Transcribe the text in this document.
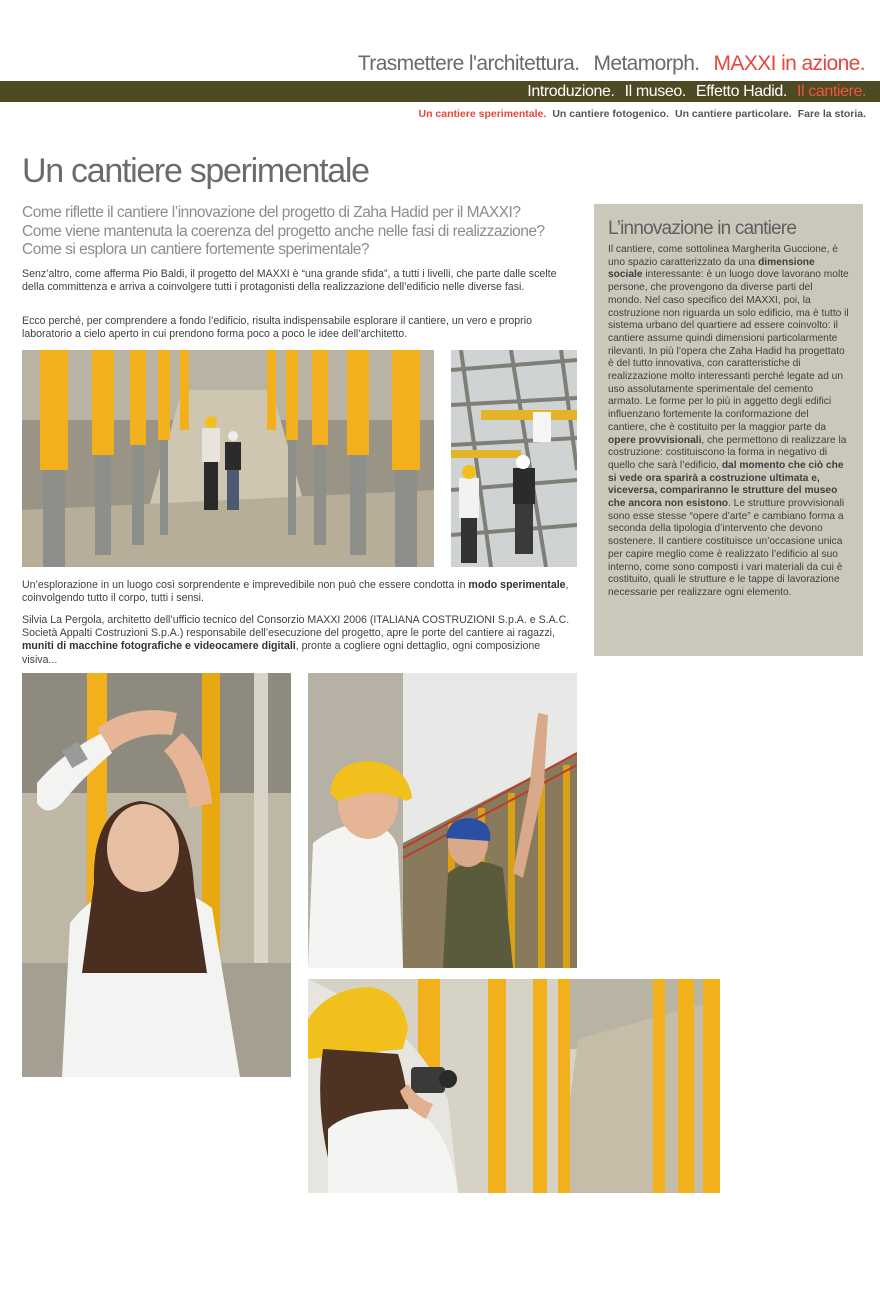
Trasmettere l'architettura. Metamorph. MAXXI in azione.
Introduzione. Il museo. Effetto Hadid. Il cantiere.
Un cantiere sperimentale. Un cantiere fotogenico. Un cantiere particolare. Fare la storia.
Un cantiere sperimentale
Come riflette il cantiere l’innovazione del progetto di Zaha Hadid per il MAXXI?
Come viene mantenuta la coerenza del progetto anche nelle fasi di realizzazione?
Come si esplora un cantiere fortemente sperimentale?

Senz’altro, come afferma Pio Baldi, il progetto del MAXXI è “una grande sfida”, a tutti i livelli, che parte dalle scelte della committenza e arriva a coinvolgere tutti i protagonisti della realizzazione dell’edificio nelle diverse fasi.

Ecco perché, per comprendere a fondo l’edificio, risulta indispensabile esplorare il cantiere, un vero e proprio laboratorio a cielo aperto in cui prendono forma poco a poco le idee dell’architetto.

Un’esplorazione in un luogo così sorprendente e imprevedibile non può che essere condotta in modo sperimentale, coinvolgendo tutto il corpo, tutti i sensi.

Silvia La Pergola, architetto dell’ufficio tecnico del Consorzio MAXXI 2006 (ITALIANA COSTRUZIONI S.p.A. e S.A.C. Società Appalti Costruzioni S.p.A.) responsabile dell’esecuzione del progetto, apre le porte del cantiere ai ragazzi, muniti di macchine fotografiche e videocamere digitali, pronte a cogliere ogni dettaglio, ogni composizione visiva...

L’innovazione in cantiere

Il cantiere, come sottolinea Margherita Guccione, è uno spazio caratterizzato da una dimensione sociale interessante: è un luogo dove lavorano molte persone, che provengono da diverse parti del mondo. Nel caso specifico del MAXXI, poi, la costruzione non riguarda un solo edificio, ma è tutto il sistema urbano del quartiere ad essere coinvolto: il cantiere assume quindi dimensioni particolarmente rilevanti. In più l’opera che Zaha Hadid ha progettato è del tutto innovativa, con caratteristiche di realizzazione molto interessanti perché legate ad un uso assolutamente sperimentale del cemento armato. Le forme per lo più in aggetto degli edifici influenzano fortemente la conformazione del cantiere, che è costituito per la maggior parte da opere provvisionali, che permettono di realizzare la costruzione: costituiscono la forma in negativo di quello che sarà l’edificio, dal momento che ciò che si vede ora sparirà a costruzione ultimata e, viceversa, compariranno le strutture del museo che ancora non esistono. Le strutture provvisionali sono esse stesse “opere d’arte” e cambiano forma a seconda della tipologia d’intervento che devono sostenere. Il cantiere costituisce un’occasione unica per capire meglio come è realizzato l’edificio al suo interno, come sono composti i vari materiali da cui è costituito, quali le strutture e le tappe di lavorazione necessarie per realizzare ogni elemento.
